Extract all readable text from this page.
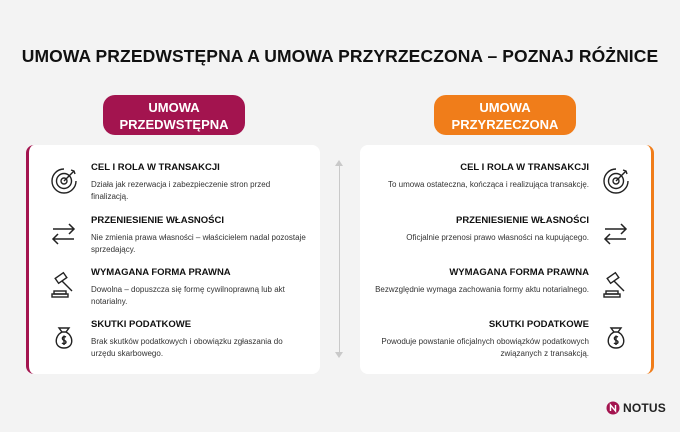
UMOWA PRZEDWSTĘPNA A UMOWA PRZYRZECZONA – POZNAJ RÓŻNICE
UMOWA
PRZEDWSTĘPNA
UMOWA
PRZYRZECZONA
CEL I ROLA W TRANSAKCJI
Działa jak rezerwacja i zabezpieczenie stron przed finalizacją.
PRZENIESIENIE WŁASNOŚCI
Nie zmienia prawa własności – właścicielem nadal pozostaje sprzedający.
WYMAGANA FORMA PRAWNA
Dowolna – dopuszcza się formę cywilnoprawną lub akt notarialny.
SKUTKI PODATKOWE
Brak skutków podatkowych i obowiązku zgłaszania do urzędu skarbowego.
CEL I ROLA W TRANSAKCJI
To umowa ostateczna, kończąca i realizująca transakcję.
PRZENIESIENIE WŁASNOŚCI
Oficjalnie przenosi prawo własności na kupującego.
WYMAGANA FORMA PRAWNA
Bezwzględnie wymaga zachowania formy aktu notarialnego.
SKUTKI PODATKOWE
Powoduje powstanie oficjalnych obowiązków podatkowych związanych z transakcją.
NOTUS
